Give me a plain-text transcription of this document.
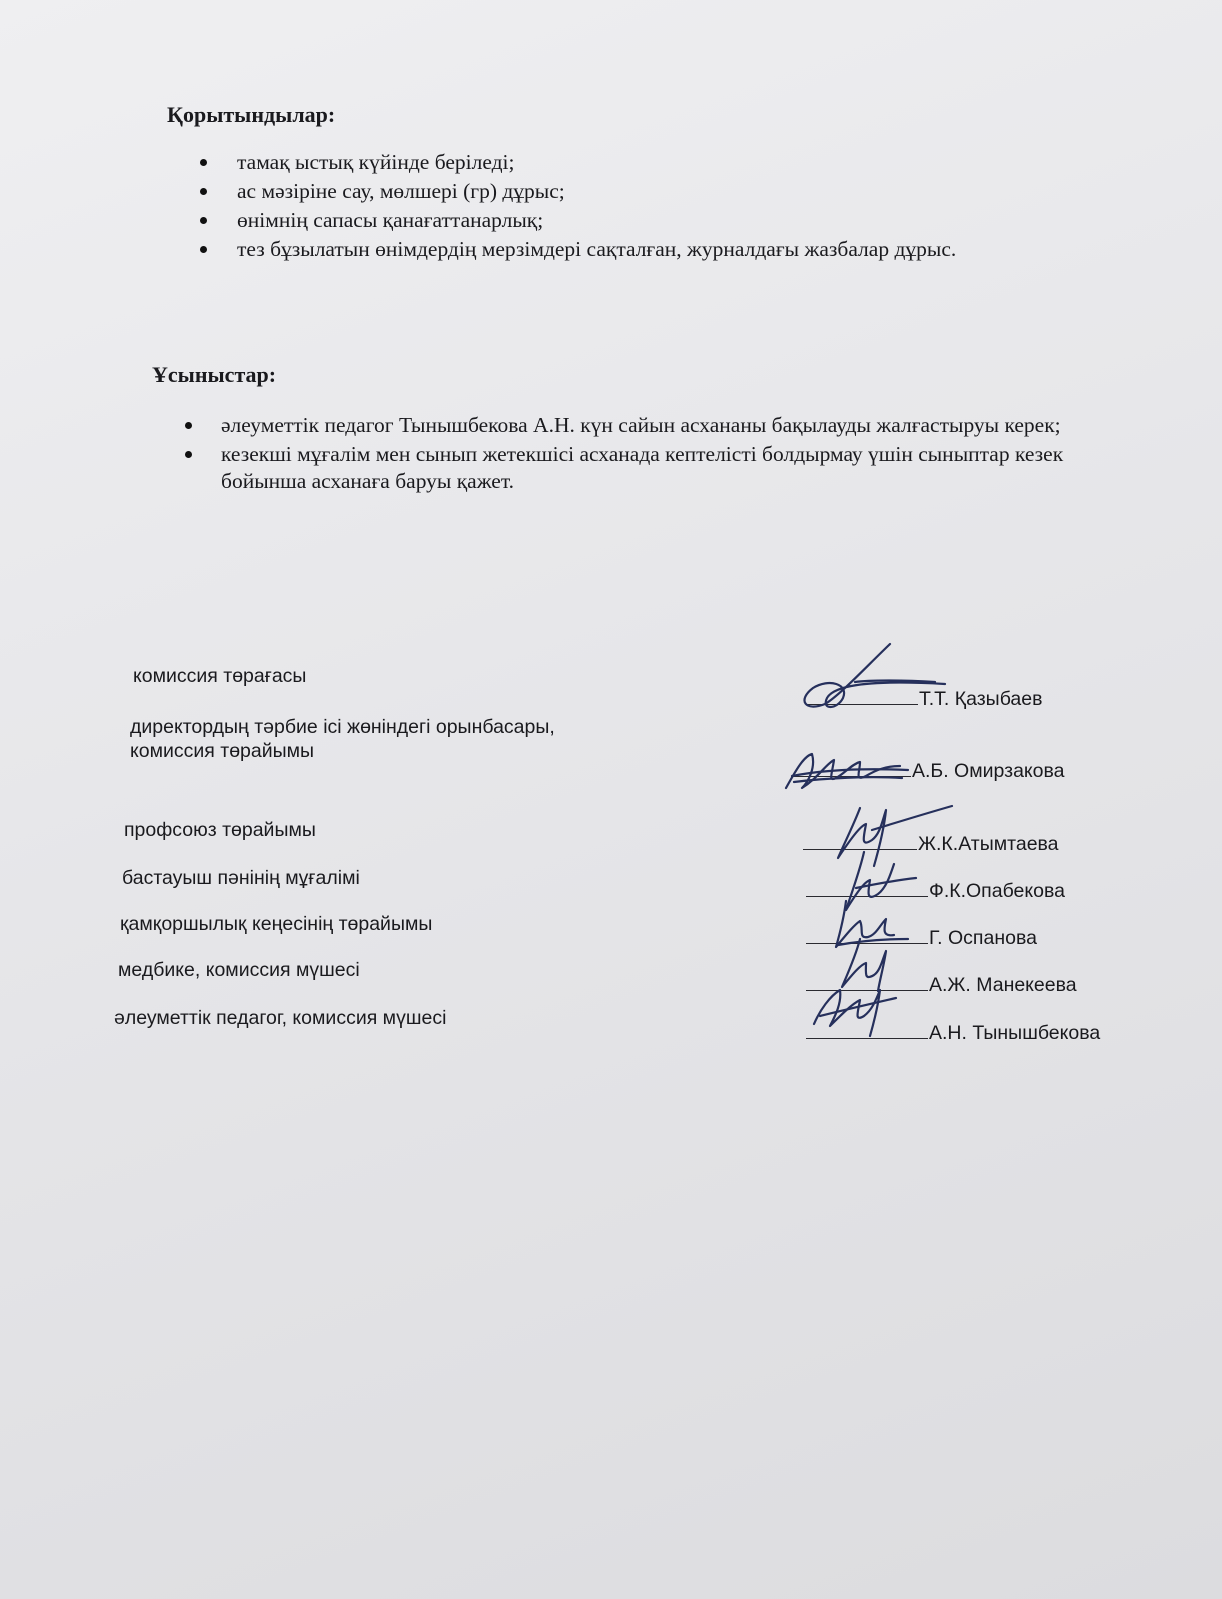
Қорытындылар:
тамақ ыстық күйінде беріледі;
ас мәзіріне сау, мөлшері (гр) дұрыс;
өнімнің сапасы қанағаттанарлық;
тез бұзылатын өнімдердің мерзімдері сақталған, журналдағы жазбалар дұрыс.
Ұсыныстар:
әлеуметтік педагог Тынышбекова А.Н. күн сайын асхананы бақылауды жалғастыруы керек;
кезекші мұғалім мен сынып жетекшісі асханада кептелісті болдырмау үшін сыныптар кезек бойынша асханаға баруы қажет.
комиссия төрағасы
Т.Т. Қазыбаев
директордың тәрбие ісі жөніндегі орынбасары,
комиссия төрайымы
А.Б. Омирзакова
профсоюз төрайымы
Ж.К.Атымтаева
бастауыш пәнінің мұғалімі
Ф.К.Опабекова
қамқоршылық кеңесінің төрайымы
Г. Оспанова
медбике, комиссия мүшесі
А.Ж. Манекеева
әлеуметтік педагог, комиссия мүшесі
А.Н. Тынышбекова
